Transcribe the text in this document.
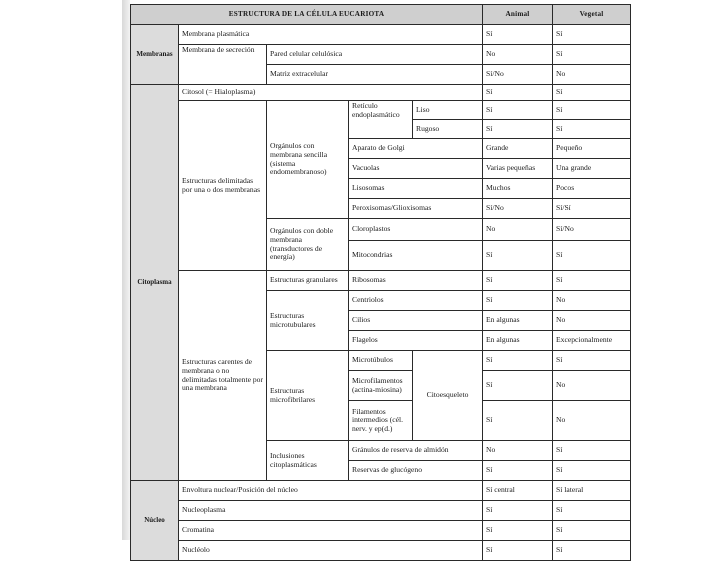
ESTRUCTURA DE LA CÉLULA EUCARIOTA					Animal	Vegetal
Membranas	Membrana plasmática				Sí	Sí
	Membrana de secreción	Pared celular celulósica			No	Sí
		Matriz extracelular			Sí/No	No
Citoplasma	Citosol (= Hialoplasma)				Sí	Sí
	Estructuras delimitadas por una o dos membranas	Orgánulos con membrana sencilla (sistema endomembranoso)	Retículo endoplasmático	Liso	Sí	Sí
				Rugoso	Sí	Sí
			Aparato de Golgi		Grande	Pequeño
			Vacuolas		Varias pequeñas	Una grande
			Lisosomas		Muchos	Pocos
			Peroxisomas/Glioxisomas		Sí/No	Sí/Sí
		Orgánulos con doble membrana (transductores de energía)	Cloroplastos		No	Sí/No
			Mitocondrias		Sí	Sí
	Estructuras carentes de membrana o no delimitadas totalmente por una membrana	Estructuras granulares	Ribosomas		Sí	Sí
		Estructuras microtubulares	Centriolos		Sí	No
			Cilios		En algunas	No
			Flagelos		En algunas	Excepcionalmente
		Estructuras microfibrilares	Microtúbulos	Citoesqueleto	Sí	Sí
			Microfilamentos (actina-miosina)		Sí	No
			Filamentos intermedios (cél. nerv. y ep(d.)		Sí	No
		Inclusiones citoplasmáticas	Gránulos de reserva de almidón		No	Sí
			Reservas de glucógeno		Sí	Sí
Núcleo	Envoltura nuclear/Posición del núcleo				Sí central	Sí lateral
	Nucleoplasma				Sí	Sí
	Cromatina				Sí	Sí
	Nucléolo				Sí	Sí
